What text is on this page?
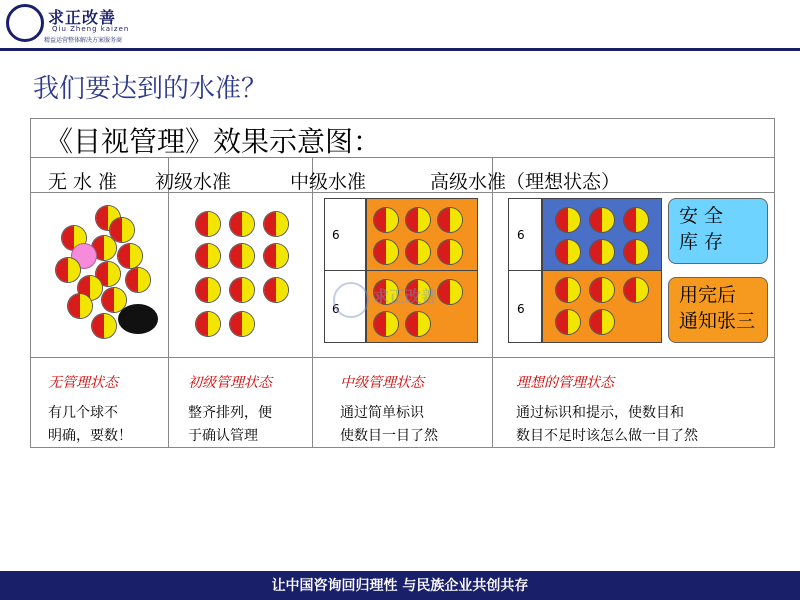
求正改善
Qiu Zheng kaizen
精益运营整体解决方案服务商
我们要达到的水准？
《目视管理》效果示意图：
无水准 初级水准	中级水准	高级水准（理想状态）
6
6
6
6
安 全
库 存
用完后
通知张三
求正改善
无管理状态	初级管理状态	中级管理状态	理想的管理状态
有几个球不
明确，要数！
整齐排列，便
于确认管理
通过简单标识
使数目一目了然
通过标识和提示，使数目和
数目不足时该怎么做一目了然
让中国咨询回归理性 与民族企业共创共存
